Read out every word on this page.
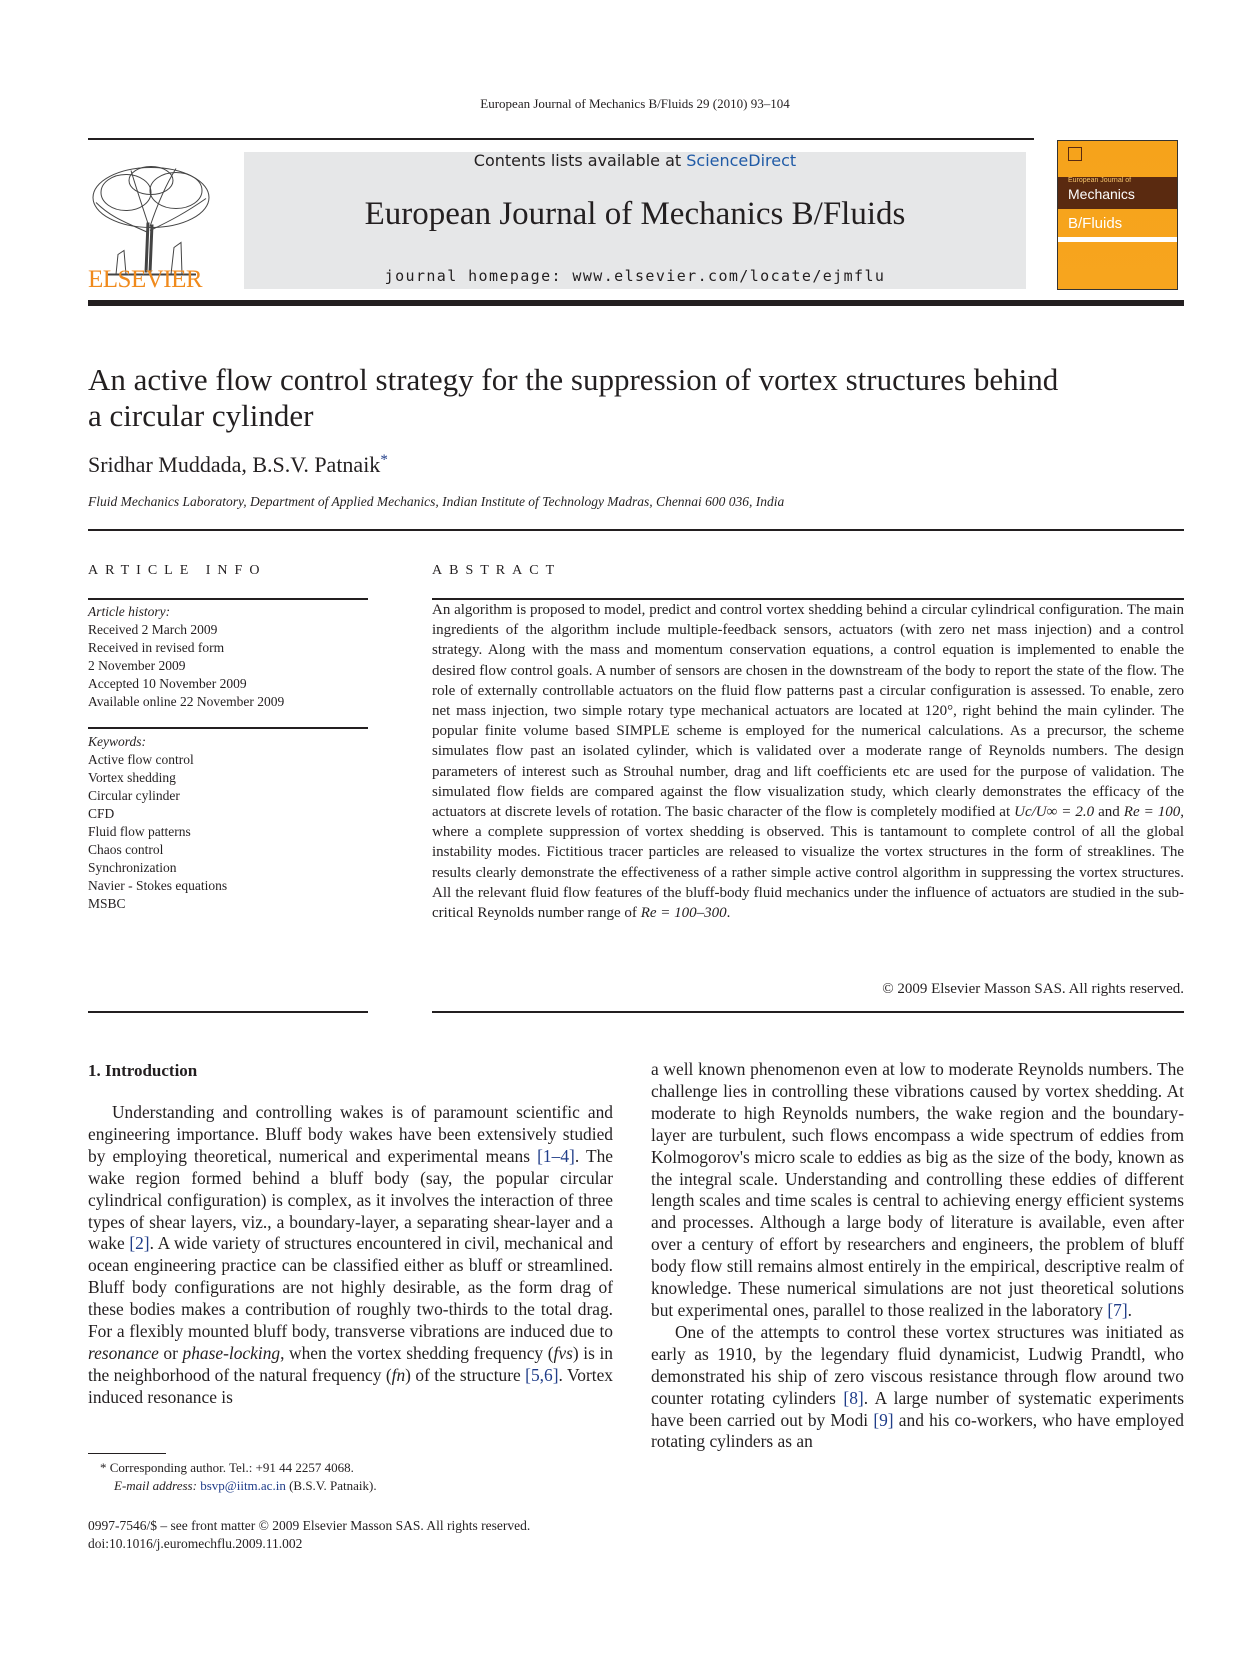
European Journal of Mechanics B/Fluids 29 (2010) 93–104
ELSEVIER
Contents lists available at ScienceDirect
European Journal of Mechanics B/Fluids
journal homepage: www.elsevier.com/locate/ejmflu
European Journal of
Mechanics
B/Fluids
An active flow control strategy for the suppression of vortex structures behind
a circular cylinder
Sridhar Muddada, B.S.V. Patnaik*
Fluid Mechanics Laboratory, Department of Applied Mechanics, Indian Institute of Technology Madras, Chennai 600 036, India
ARTICLE INFO
Article history:
Received 2 March 2009
Received in revised form
2 November 2009
Accepted 10 November 2009
Available online 22 November 2009
Keywords:
Active flow control
Vortex shedding
Circular cylinder
CFD
Fluid flow patterns
Chaos control
Synchronization
Navier - Stokes equations
MSBC
ABSTRACT
An algorithm is proposed to model, predict and control vortex shedding behind a circular cylindrical configuration. The main ingredients of the algorithm include multiple-feedback sensors, actuators (with zero net mass injection) and a control strategy. Along with the mass and momentum conservation equations, a control equation is implemented to enable the desired flow control goals. A number of sensors are chosen in the downstream of the body to report the state of the flow. The role of externally controllable actuators on the fluid flow patterns past a circular configuration is assessed. To enable, zero net mass injection, two simple rotary type mechanical actuators are located at 120°, right behind the main cylinder. The popular finite volume based SIMPLE scheme is employed for the numerical calculations. As a precursor, the scheme simulates flow past an isolated cylinder, which is validated over a moderate range of Reynolds numbers. The design parameters of interest such as Strouhal number, drag and lift coefficients etc are used for the purpose of validation. The simulated flow fields are compared against the flow visualization study, which clearly demonstrates the efficacy of the actuators at discrete levels of rotation. The basic character of the flow is completely modified at Uc/U∞ = 2.0 and Re = 100, where a complete suppression of vortex shedding is observed. This is tantamount to complete control of all the global instability modes. Fictitious tracer particles are released to visualize the vortex structures in the form of streaklines. The results clearly demonstrate the effectiveness of a rather simple active control algorithm in suppressing the vortex structures. All the relevant fluid flow features of the bluff-body fluid mechanics under the influence of actuators are studied in the sub-critical Reynolds number range of Re = 100–300.
© 2009 Elsevier Masson SAS. All rights reserved.
1. Introduction

Understanding and controlling wakes is of paramount scientific and engineering importance. Bluff body wakes have been extensively studied by employing theoretical, numerical and experimental means [1–4]. The wake region formed behind a bluff body (say, the popular circular cylindrical configuration) is complex, as it involves the interaction of three types of shear layers, viz., a boundary-layer, a separating shear-layer and a wake [2]. A wide variety of structures encountered in civil, mechanical and ocean engineering practice can be classified either as bluff or streamlined. Bluff body configurations are not highly desirable, as the form drag of these bodies makes a contribution of roughly two-thirds to the total drag. For a flexibly mounted bluff body, transverse vibrations are induced due to resonance or phase-locking, when the vortex shedding frequency (fvs) is in the neighborhood of the natural frequency (fn) of the structure [5,6]. Vortex induced resonance is

a well known phenomenon even at low to moderate Reynolds numbers. The challenge lies in controlling these vibrations caused by vortex shedding. At moderate to high Reynolds numbers, the wake region and the boundary-layer are turbulent, such flows encompass a wide spectrum of eddies from Kolmogorov's micro scale to eddies as big as the size of the body, known as the integral scale. Understanding and controlling these eddies of different length scales and time scales is central to achieving energy efficient systems and processes. Although a large body of literature is available, even after over a century of effort by researchers and engineers, the problem of bluff body flow still remains almost entirely in the empirical, descriptive realm of knowledge. These numerical simulations are not just theoretical solutions but experimental ones, parallel to those realized in the laboratory [7].

One of the attempts to control these vortex structures was initiated as early as 1910, by the legendary fluid dynamicist, Ludwig Prandtl, who demonstrated his ship of zero viscous resistance through flow around two counter rotating cylinders [8]. A large number of systematic experiments have been carried out by Modi [9] and his co-workers, who have employed rotating cylinders as an

* Corresponding author. Tel.: +91 44 2257 4068.
E-mail address: bsvp@iitm.ac.in (B.S.V. Patnaik).
0997-7546/$ – see front matter © 2009 Elsevier Masson SAS. All rights reserved.
doi:10.1016/j.euromechflu.2009.11.002
